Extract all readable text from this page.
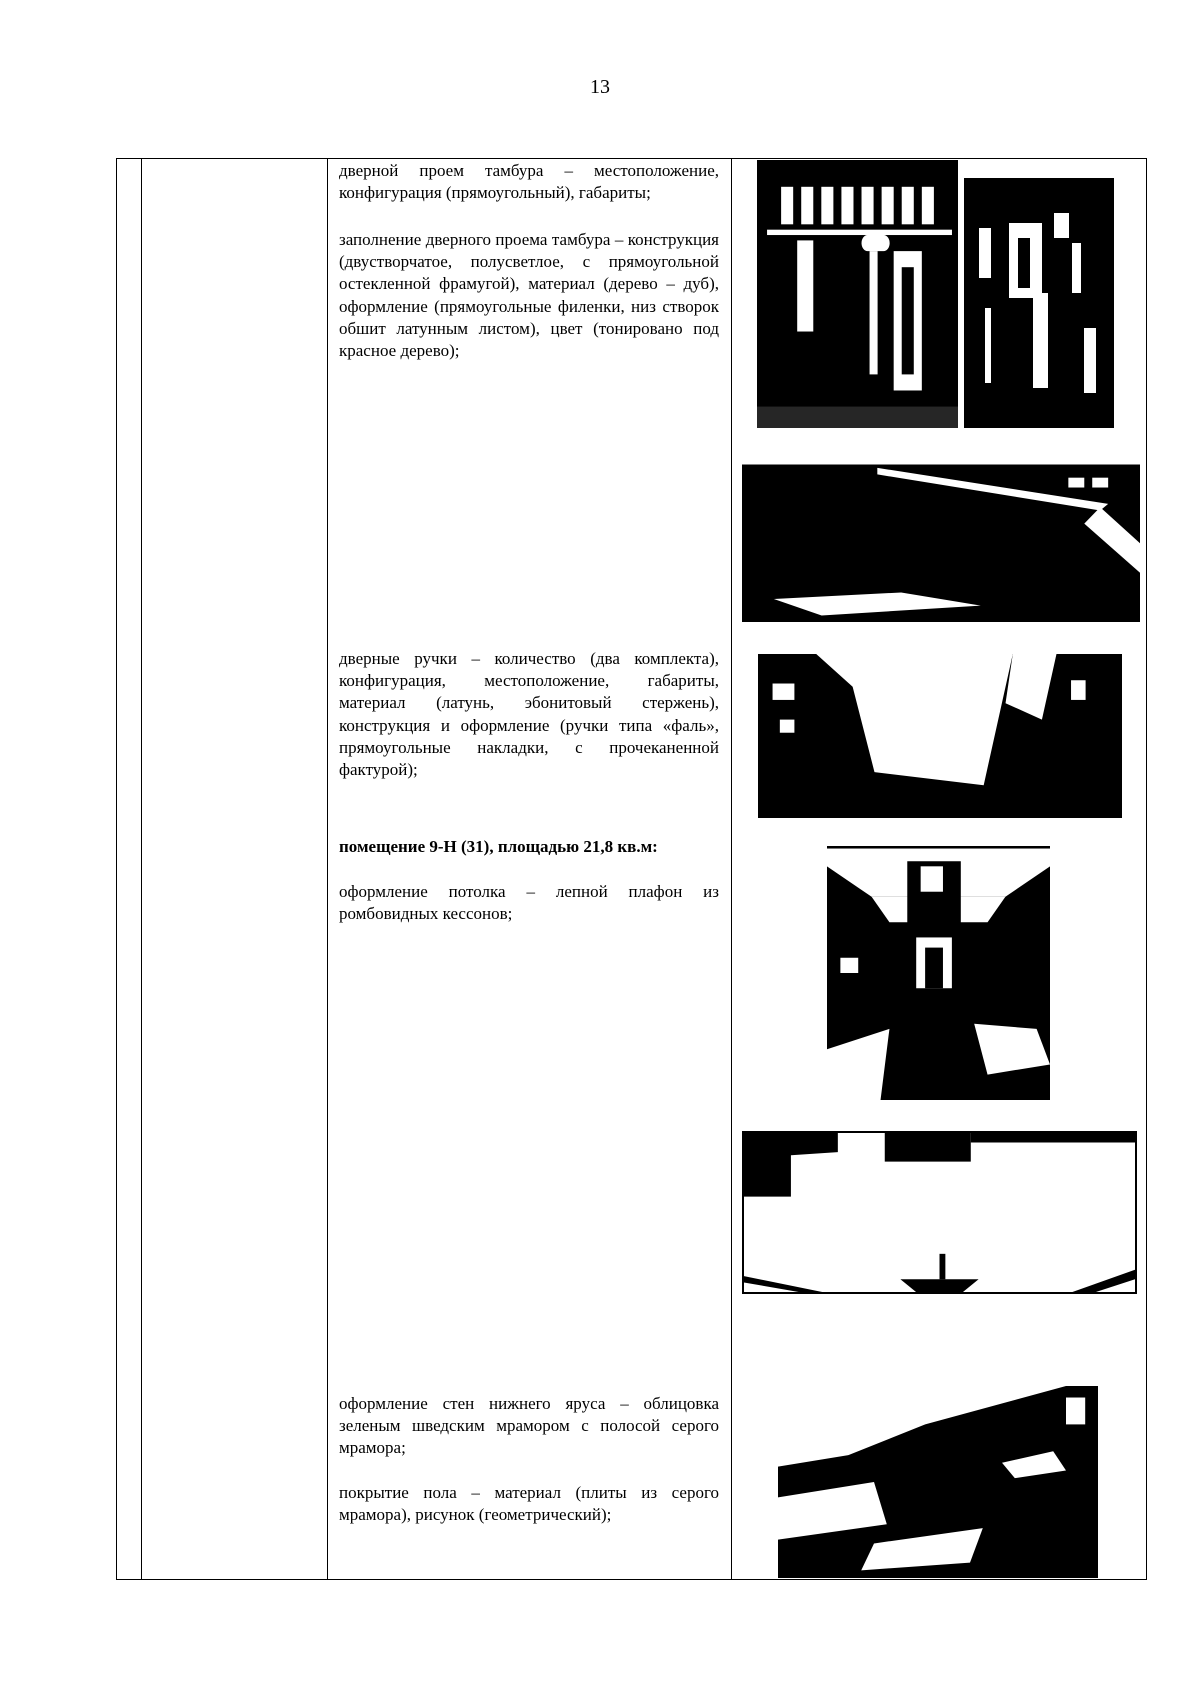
13

дверной проем тамбура – местоположение, конфигурация (прямоугольный), габариты;

заполнение дверного проема тамбура – конструкция (двустворчатое, полусветлое, с прямоугольной остекленной фрамугой), материал (дерево – дуб), оформление (прямоугольные филенки, низ створок обшит латунным листом), цвет (тонировано под красное дерево);

дверные ручки – количество (два комплекта), конфигурация, местоположение, габариты, материал (латунь, эбонитовый стержень), конструкция и оформление (ручки типа «фаль», прямоугольные накладки, с прочеканенной фактурой);

помещение 9-Н (31), площадью 21,8 кв.м:

оформление потолка – лепной плафон из ромбовидных кессонов;

оформление стен нижнего яруса – облицовка зеленым шведским мрамором с полосой серого мрамора;

покрытие пола – материал (плиты из серого мрамора), рисунок (геометрический);
